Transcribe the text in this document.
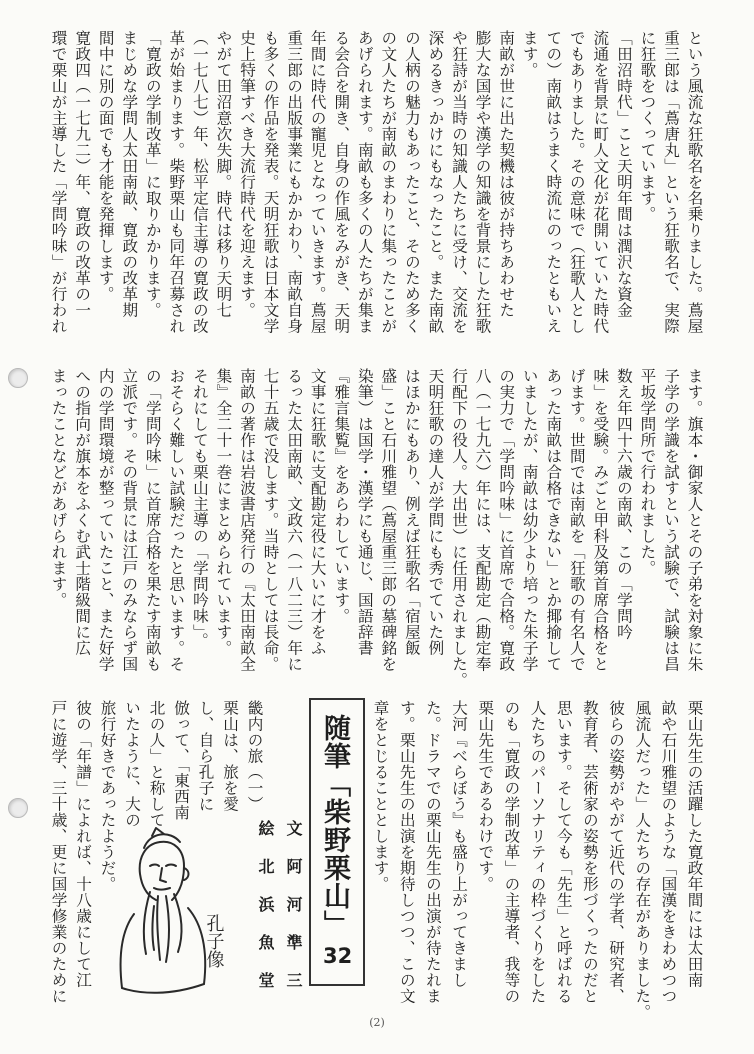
という風流な狂歌名を名乗りました。蔦屋
重三郎は「蔦唐丸」という狂歌名で、実際
に狂歌をつくっています。
「田沼時代」こと天明年間は潤沢な資金
流通を背景に町人文化が花開いていた時代
でもありました。その意味で（狂歌人とし
ての）南畝はうまく時流にのったともいえ
ます。
南畝が世に出た契機は彼が持ちあわせた
膨大な国学や漢学の知識を背景にした狂歌
や狂詩が当時の知識人たちに受け、交流を
深めるきっかけにもなったこと。また南畝
の人柄の魅力もあったこと、そのため多く
の文人たちが南畝のまわりに集ったことが
あげられます。南畝も多くの人たちが集ま
る会合を開き、自身の作風をみがき、天明
年間に時代の寵児となっていきます。蔦屋
重三郎の出版事業にもかかわり、南畝自身
も多くの作品を発表。天明狂歌は日本文学
史上特筆すべき大流行時代を迎えます。
やがて田沼意次失脚。時代は移り天明七
（一七八七）年、松平定信主導の寛政の改
革が始まります。柴野栗山も同年召募され
「寛政の学制改革」に取りかかります。
まじめな学問人太田南畝、寛政の改革期
間中に別の面でも才能を発揮します。
寛政四（一七九二）年、寛政の改革の一
環で栗山が主導した「学問吟味」が行われ
ます。旗本・御家人とその子弟を対象に朱
子学の学識を試すという試験で、試験は昌
平坂学問所で行われました。
数え年四十六歳の南畝、この「学問吟
味」を受験。みごと甲科及第首席合格をと
げます。世間では南畝を「狂歌の有名人で
あった南畝は合格できない」とか揶揄して
いましたが、南畝は幼少より培った朱子学
の実力で「学問吟味」に首席で合格。寛政
八（一七九六）年には、支配勘定（勘定奉
行配下の役人。大出世）に任用されました。
天明狂歌の達人が学問にも秀でていた例
はほかにもあり、例えば狂歌名「宿屋飯
盛」こと石川雅望（蔦屋重三郎の墓碑銘を
染筆）は国学・漢学にも通じ、国語辞書
『雅言集覧』をあらわしています。
文事に狂歌に支配勘定役に大いに才をふ
るった太田南畝、文政六（一八二三）年に
七十五歳で没します。当時としては長命。
南畝の著作は岩波書店発行の『太田南畝全
集』全二十一巻にまとめられています。
それにしても栗山主導の「学問吟味」。
おそらく難しい試験だったと思います。そ
の「学問吟味」に首席合格を果たす南畝も
立派です。その背景には江戸のみならず国
内の学問環境が整っていたこと、また好学
への指向が旗本をふくむ武士階級間に広
まったことなどがあげられます。
栗山先生の活躍した寛政年間には太田南
畝や石川雅望のような「国漢をきわめつつ
風流人だった」人たちの存在がありました。
彼らの姿勢がやがて近代の学者、研究者、
教育者、芸術家の姿勢を形づくったのだと
思います。そして今も「先生」と呼ばれる
人たちのパーソナリティの枠づくりをした
のも「寛政の学制改革」の主導者、我等の
栗山先生であるわけです。
大河『べらぼう』も盛り上がってきまし
た。ドラマでの栗山先生の出演が待たれま
す。栗山先生の出演を期待しつつ、この文
章をとじることとします。
随筆「柴野栗山」
32
文　阿　河　準　三
絵　北　浜　魚　堂
畿内の旅（一）
栗山は、旅を愛
し、自ら孔子に
倣って、「東西南
北の人」と称して
いたように、大の
旅行好きであったようだ。
彼の「年譜」によれば、十八歳にして江
戸に遊学、三十歳、更に国学修業のために	孔子像
(2)
